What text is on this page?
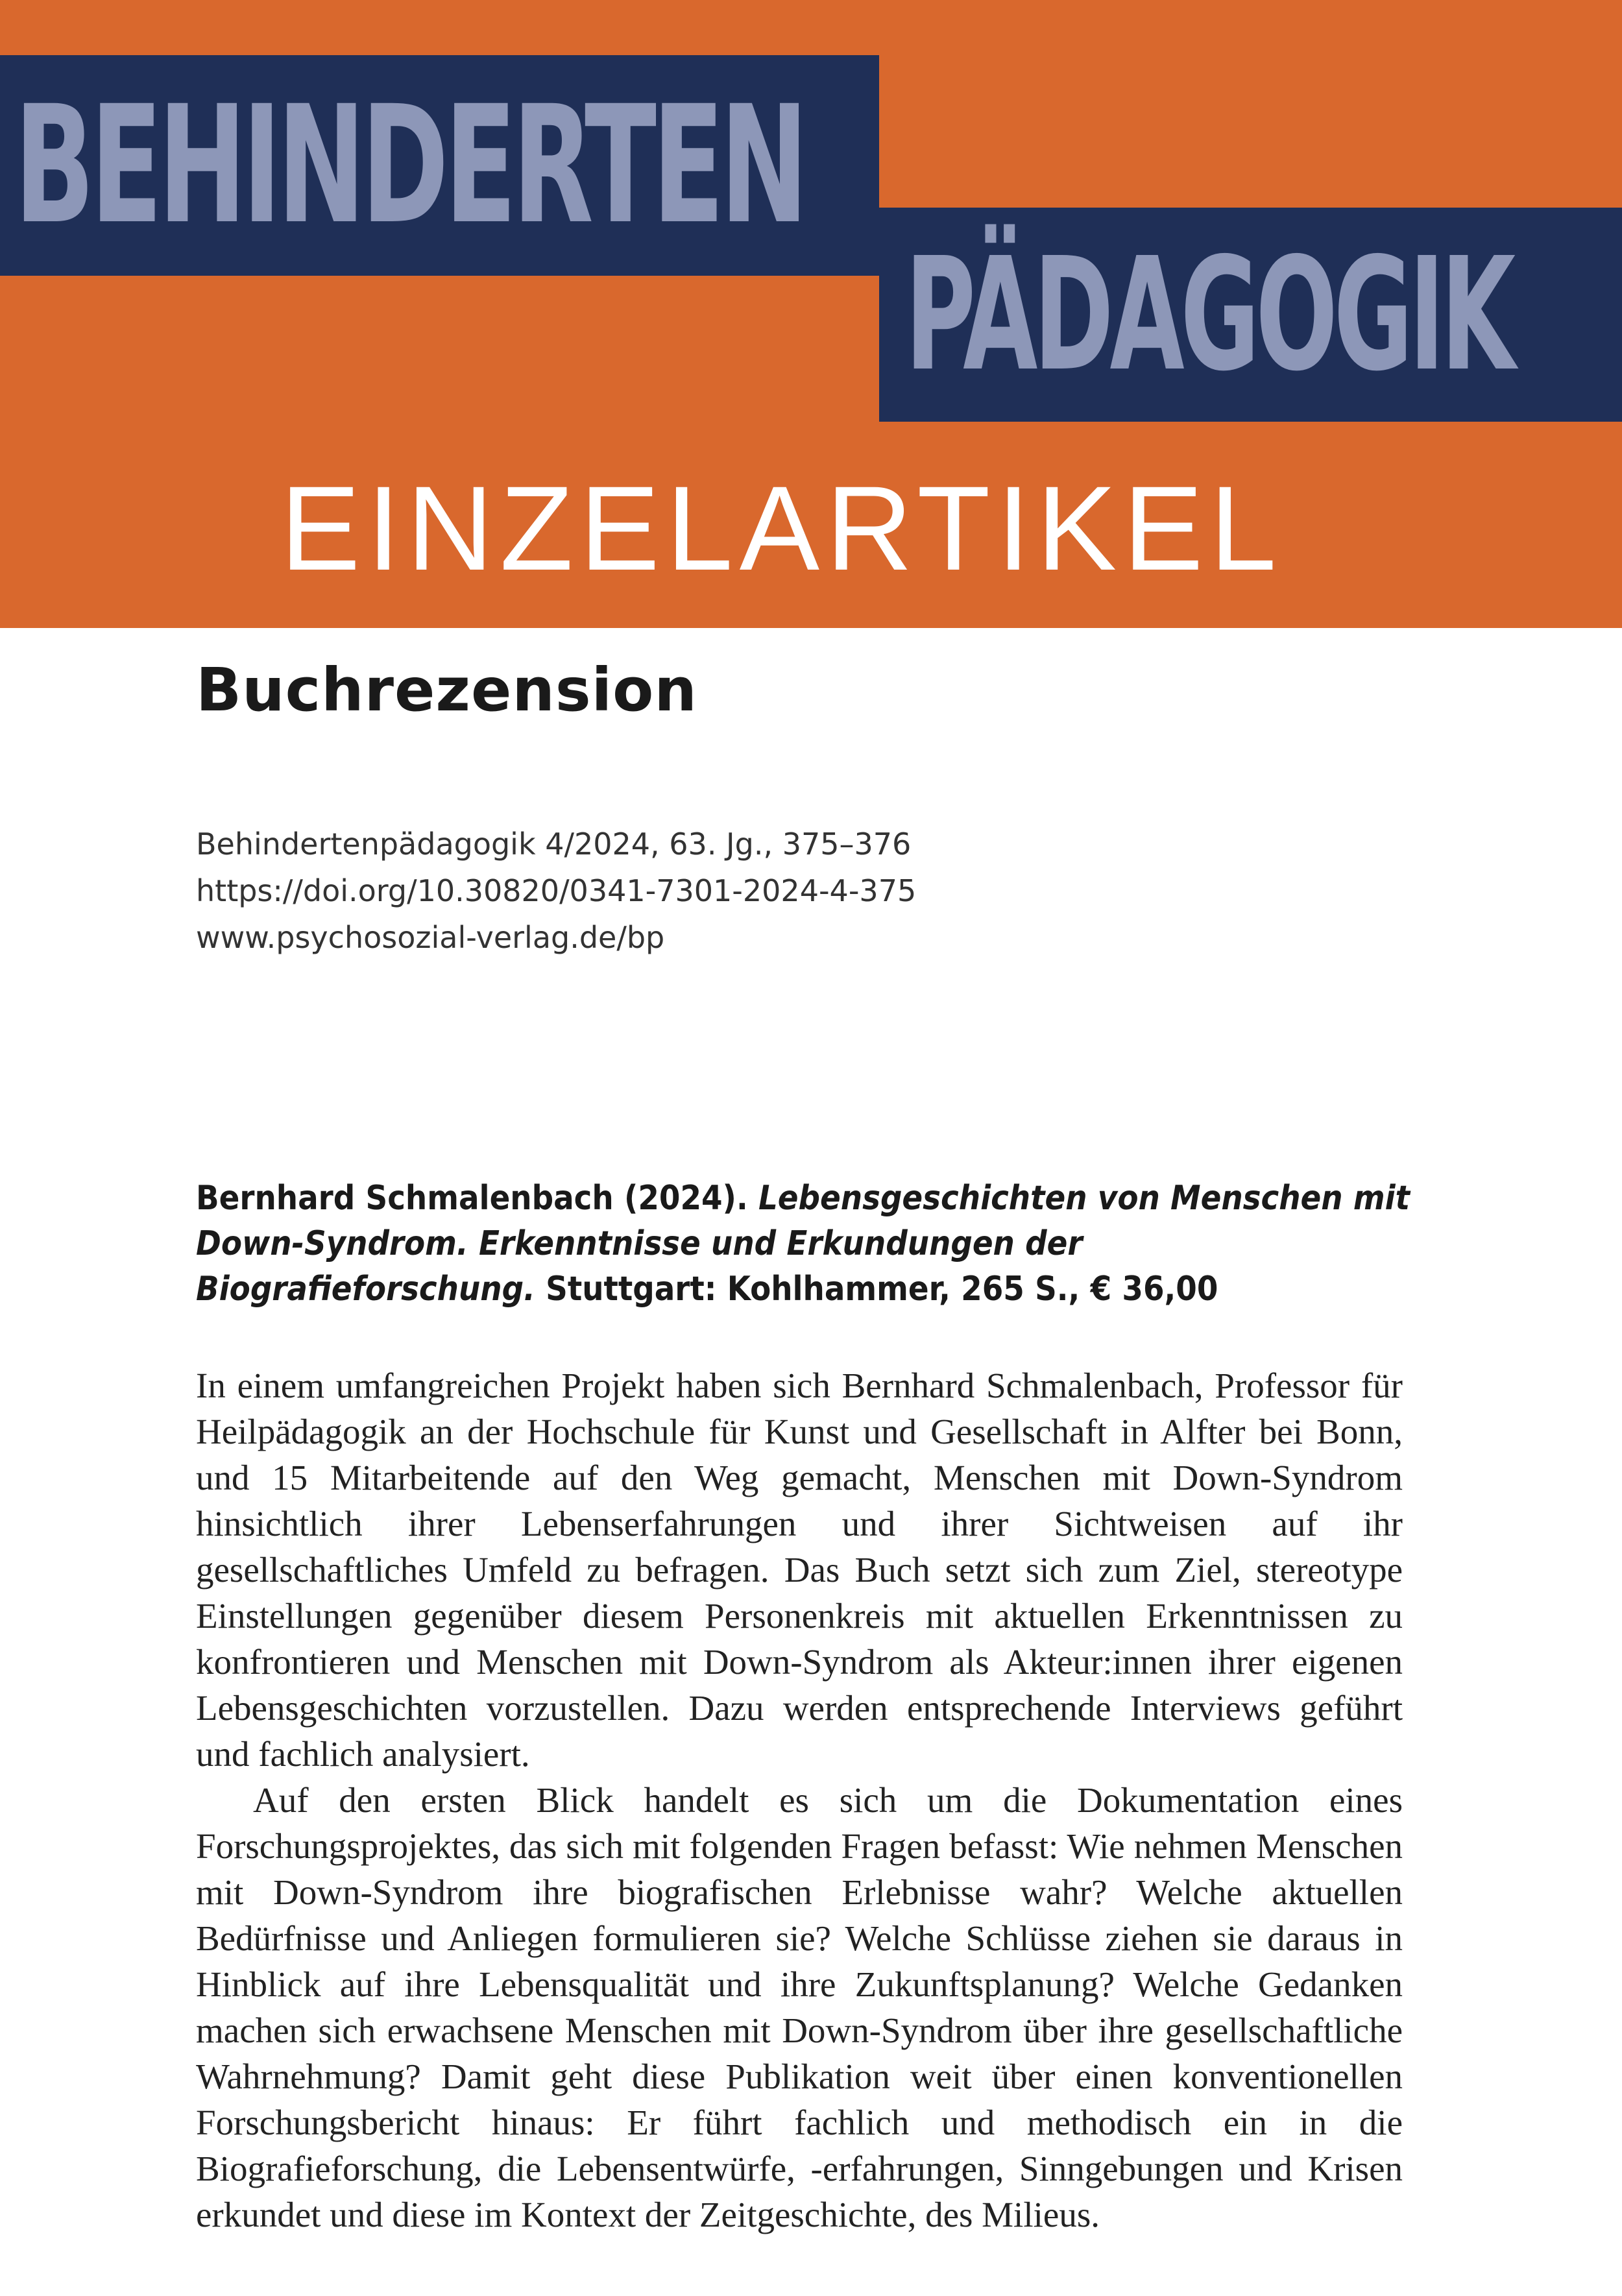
BEHINDERTEN
PÄDAGOGIK
EINZELARTIKEL
Buchrezension
Behindertenpädagogik 4/2024, 63. Jg., 375–376
https://doi.org/10.30820/0341-7301-2024-4-375
www.psychosozial-verlag.de/bp
Bernhard Schmalenbach (2024). Lebensgeschichten von Menschen mit Down-Syndrom. Erkenntnisse und Erkundungen der Biografieforschung. Stuttgart: Kohlhammer, 265 S., € 36,00

In einem umfangreichen Projekt haben sich Bernhard Schmalenbach, Professor für Heilpädagogik an der Hochschule für Kunst und Gesellschaft in Alfter bei Bonn, und 15 Mitarbeitende auf den Weg gemacht, Menschen mit Down-Syndrom hinsichtlich ihrer Lebenserfahrungen und ihrer Sichtweisen auf ihr gesellschaftliches Umfeld zu befragen. Das Buch setzt sich zum Ziel, stereotype Einstellungen gegenüber diesem Personenkreis mit aktuellen Erkenntnissen zu konfrontieren und Menschen mit Down-Syndrom als Akteur:innen ihrer eigenen Lebensgeschichten vorzustellen. Dazu werden entsprechende Interviews geführt und fachlich analysiert.

Auf den ersten Blick handelt es sich um die Dokumentation eines Forschungsprojektes, das sich mit folgenden Fragen befasst: Wie nehmen Menschen mit Down-Syndrom ihre biografischen Erlebnisse wahr? Welche aktuellen Bedürfnisse und Anliegen formulieren sie? Welche Schlüsse ziehen sie daraus in Hinblick auf ihre Lebensqualität und ihre Zukunftsplanung? Welche Gedanken machen sich erwachsene Menschen mit Down-Syndrom über ihre gesellschaftliche Wahrnehmung? Damit geht diese Publikation weit über einen konventionellen Forschungsbericht hinaus: Er führt fachlich und methodisch ein in die Biografieforschung, die Lebensentwürfe, -erfahrungen, Sinngebungen und Krisen erkundet und diese im Kontext der Zeitgeschichte, des Milieus.
